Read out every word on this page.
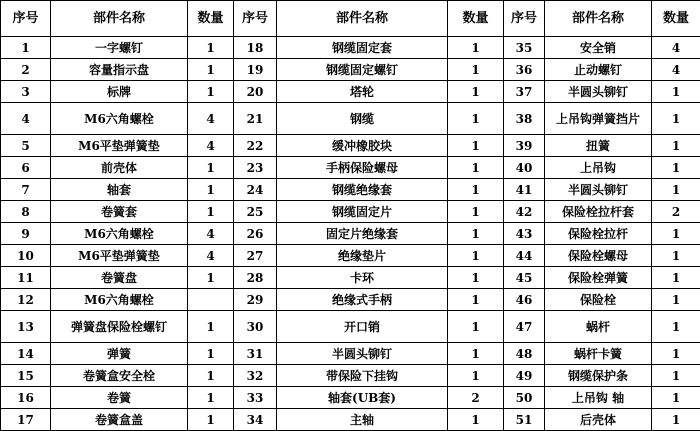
序号	部件名称	数量	序号	部件名称	数量	序号	部件名称	数量
1	一字螺钉	1	18	钢缆固定套	1	35	安全销	4
2	容量指示盘	1	19	钢缆固定螺钉	1	36	止动螺钉	4
3	标牌	1	20	塔轮	1	37	半圆头铆钉	1
4	M6六角螺栓	4	21	钢缆	1	38	上吊钩弹簧挡片	1
5	M6平垫弹簧垫	4	22	缓冲橡胶块	1	39	扭簧	1
6	前壳体	1	23	手柄保险螺母	1	40	上吊钩	1
7	轴套	1	24	钢缆绝缘套	1	41	半圆头铆钉	1
8	卷簧套	1	25	钢缆固定片	1	42	保险栓拉杆套	2
9	M6六角螺栓	4	26	固定片绝缘套	1	43	保险栓拉杆	1
10	M6平垫弹簧垫	4	27	绝缘垫片	1	44	保险栓螺母	1
11	卷簧盘	1	28	卡环	1	45	保险栓弹簧	1
12	M6六角螺栓		29	绝缘式手柄	1	46	保险栓	1
13	弹簧盘保险栓螺钉	1	30	开口销	1	47	蜗杆	1
14	弹簧	1	31	半圆头铆钉	1	48	蜗杆卡簧	1
15	卷簧盒安全栓	1	32	带保险下挂钩	1	49	钢缆保护条	1
16	卷簧	1	33	轴套(UB套)	2	50	上吊钩 轴	1
17	卷簧盒盖	1	34	主轴	1	51	后壳体	1
